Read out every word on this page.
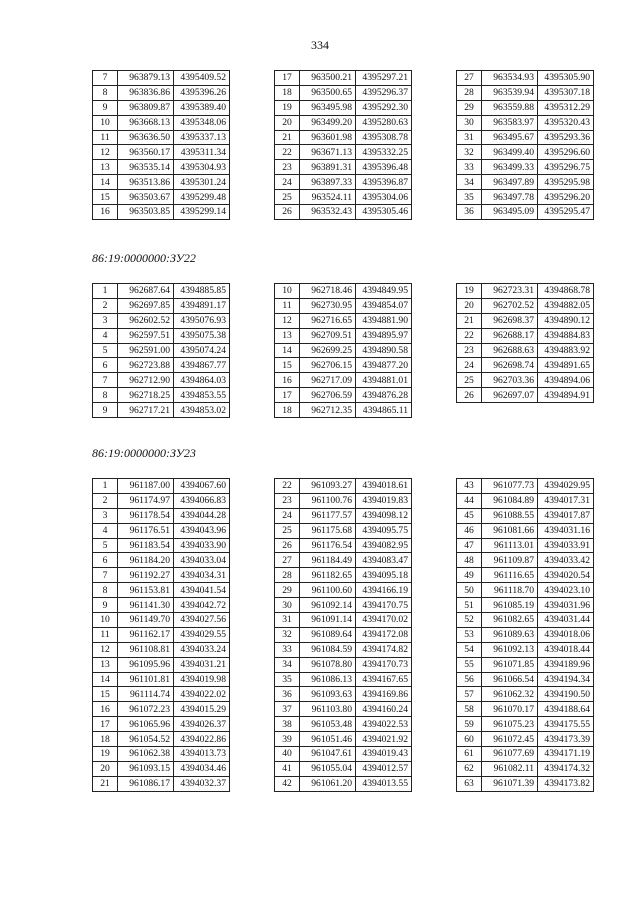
334
7	963879.13	4395409.52
8	963836.86	4395396.26
9	963809.87	4395389.40
10	963668.13	4395348.06
11	963636.50	4395337.13
12	963560.17	4395311.34
13	963535.14	4395304.93
14	963513.86	4395301.24
15	963503.67	4395299.48
16	963503.85	4395299.14
17	963500.21	4395297.21
18	963500.65	4395296.37
19	963495.98	4395292.30
20	963499.20	4395280.63
21	963601.98	4395308.78
22	963671.13	4395332.25
23	963891.31	4395396.48
24	963897.33	4395396.87
25	963524.11	4395304.06
26	963532.43	4395305.46
27	963534.93	4395305.90
28	963539.94	4395307.18
29	963559.88	4395312.29
30	963583.97	4395320.43
31	963495.67	4395293.36
32	963499.40	4395296.60
33	963499.33	4395296.75
34	963497.89	4395295.98
35	963497.78	4395296.20
36	963495.09	4395295.47
86:19:0000000:ЗУ22
1	962687.64	4394885.85
2	962697.85	4394891.17
3	962602.52	4395076.93
4	962597.51	4395075.38
5	962591.00	4395074.24
6	962723.88	4394867.77
7	962712.90	4394864.03
8	962718.25	4394853.55
9	962717.21	4394853.02
10	962718.46	4394849.95
11	962730.95	4394854.07
12	962716.65	4394881.90
13	962709.51	4394895.97
14	962699.25	4394890.58
15	962706.15	4394877.20
16	962717.09	4394881.01
17	962706.59	4394876.28
18	962712.35	4394865.11
19	962723.31	4394868.78
20	962702.52	4394882.05
21	962698.37	4394890.12
22	962688.17	4394884.83
23	962688.63	4394883.92
24	962698.74	4394891.65
25	962703.36	4394894.06
26	962697.07	4394894.91
86:19:0000000:ЗУ23
1	961187.00	4394067.60
2	961174.97	4394066.83
3	961178.54	4394044.28
4	961176.51	4394043.96
5	961183.54	4394033.90
6	961184.20	4394033.04
7	961192.27	4394034.31
8	961153.81	4394041.54
9	961141.30	4394042.72
10	961149.70	4394027.56
11	961162.17	4394029.55
12	961108.81	4394033.24
13	961095.96	4394031.21
14	961101.81	4394019.98
15	961114.74	4394022.02
16	961072.23	4394015.29
17	961065.96	4394026.37
18	961054.52	4394022.86
19	961062.38	4394013.73
20	961093.15	4394034.46
21	961086.17	4394032.37
22	961093.27	4394018.61
23	961100.76	4394019.83
24	961177.57	4394098.12
25	961175.68	4394095.75
26	961176.54	4394082.95
27	961184.49	4394083.47
28	961182.65	4394095.18
29	961100.60	4394166.19
30	961092.14	4394170.75
31	961091.14	4394170.02
32	961089.64	4394172.08
33	961084.59	4394174.82
34	961078.80	4394170.73
35	961086.13	4394167.65
36	961093.63	4394169.86
37	961103.80	4394160.24
38	961053.48	4394022.53
39	961051.46	4394021.92
40	961047.61	4394019.43
41	961055.04	4394012.57
42	961061.20	4394013.55
43	961077.73	4394029.95
44	961084.89	4394017.31
45	961088.55	4394017.87
46	961081.66	4394031.16
47	961113.01	4394033.91
48	961109.87	4394033.42
49	961116.65	4394020.54
50	961118.70	4394023.10
51	961085.19	4394031.96
52	961082.65	4394031.44
53	961089.63	4394018.06
54	961092.13	4394018.44
55	961071.85	4394189.96
56	961066.54	4394194.34
57	961062.32	4394190.50
58	961070.17	4394188.64
59	961075.23	4394175.55
60	961072.45	4394173.39
61	961077.69	4394171.19
62	961082.11	4394174.32
63	961071.39	4394173.82
